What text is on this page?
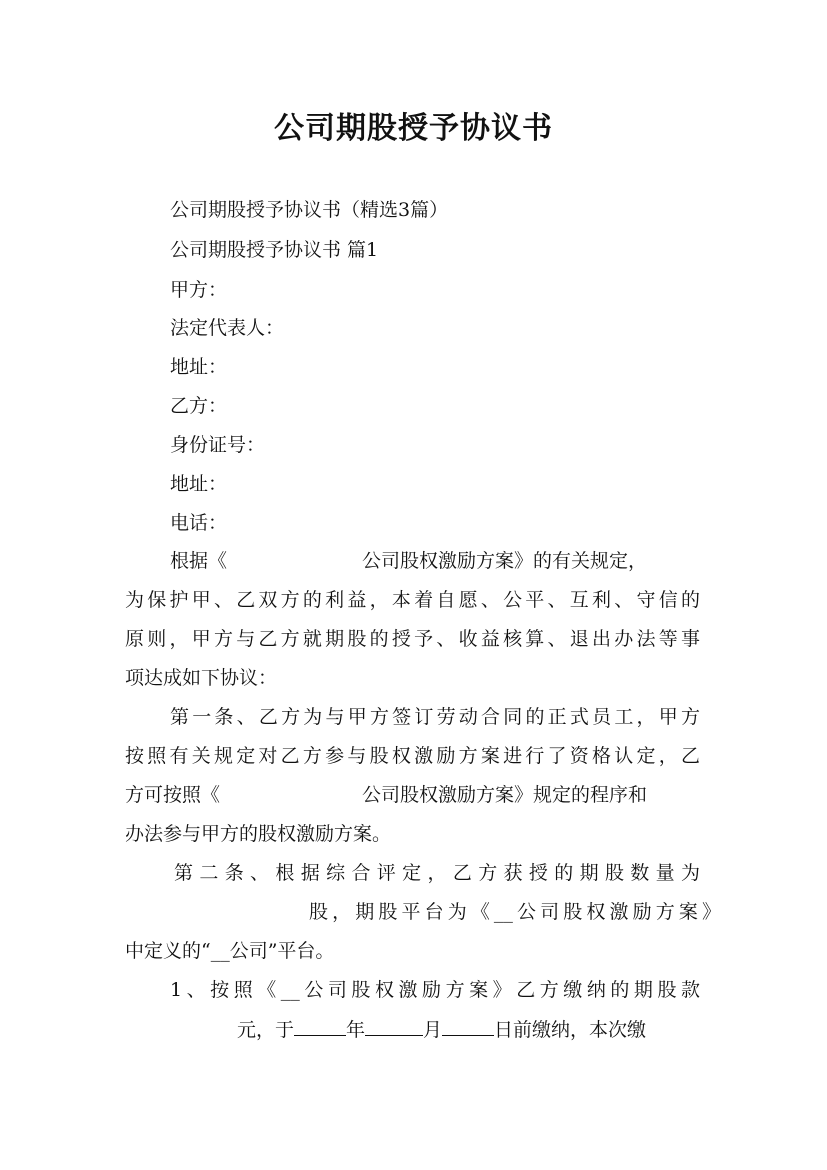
公司期股授予协议书

公司期股授予协议书（精选3篇）

公司期股授予协议书 篇1

甲方：

法定代表人：

地址：

乙方：

身份证号：

地址：

电话：

根据《	公司股权激励方案》的有关规定，

为保护甲、乙双方的利益，本着自愿、公平、互利、守信的

原则，甲方与乙方就期股的授予、收益核算、退出办法等事

项达成如下协议：

第一条、乙方为与甲方签订劳动合同的正式员工，甲方

按照有关规定对乙方参与股权激励方案进行了资格认定，乙

方可按照《	公司股权激励方案》规定的程序和

办法参与甲方的股权激励方案。

第二条、根据综合评定，乙方获授的期股数量为

股，期股平台为《__公司股权激励方案》

中定义的“__公司”平台。

1、按照《__公司股权激励方案》乙方缴纳的期股款

元，于	年	月	日前缴纳，本次缴
